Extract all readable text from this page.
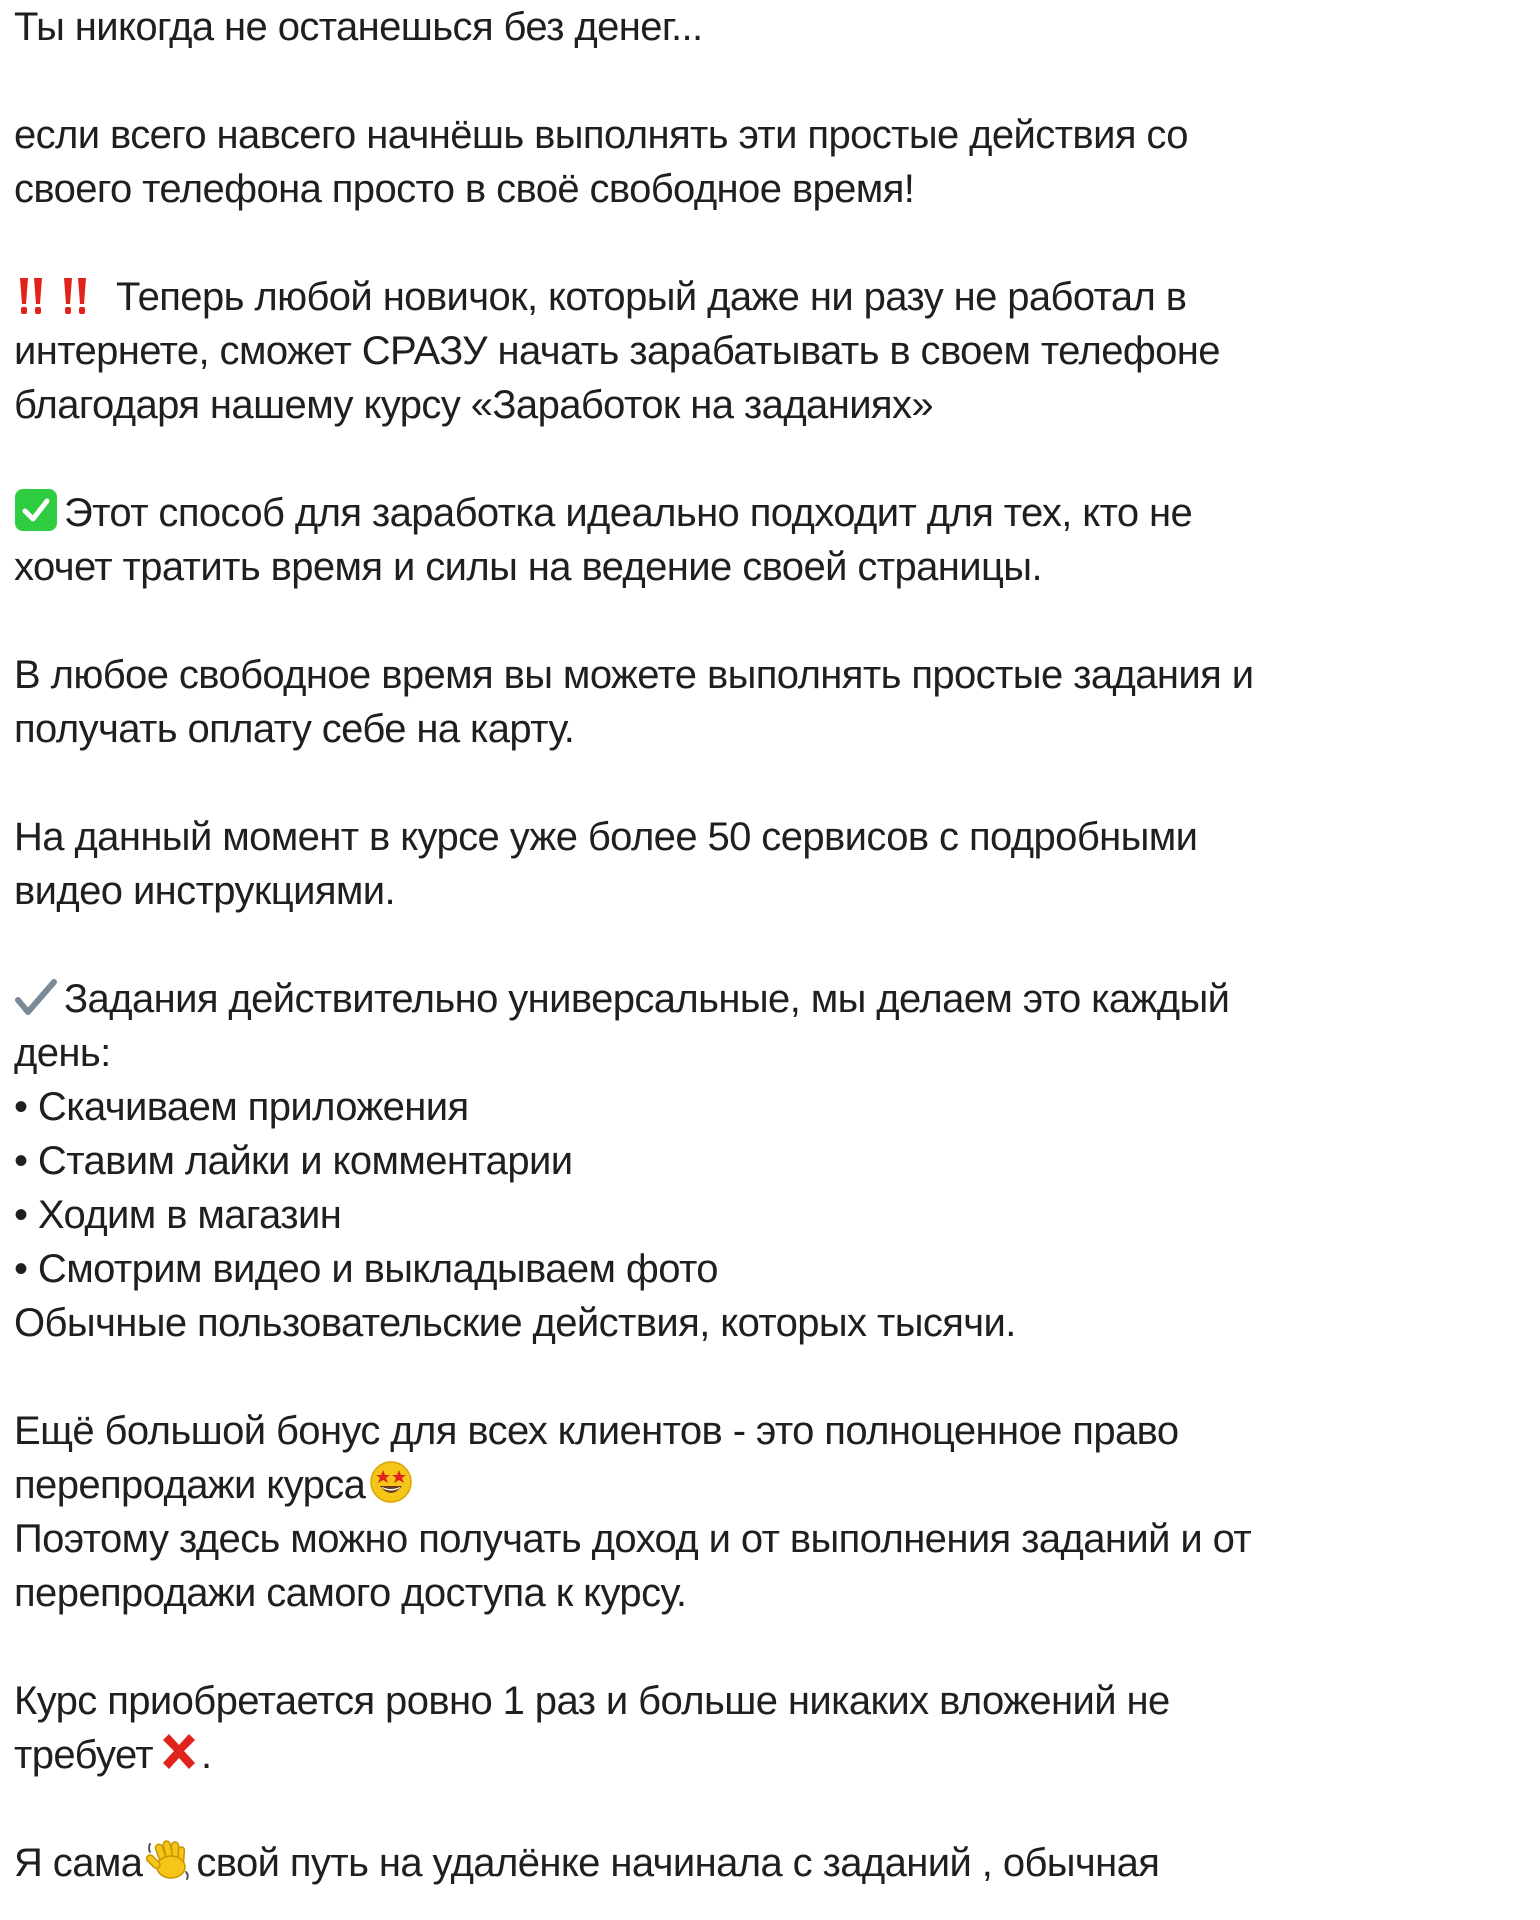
Ты никогда не останешься без денег...
если всего навсего начнёшь выполнять эти простые действия со
своего телефона просто в своё свободное время!
Теперь любой новичок, который даже ни разу не работал в
интернете, сможет СРАЗУ начать зарабатывать в своем телефоне
благодаря нашему курсу «Заработок на заданиях»
Этот способ для заработка идеально подходит для тех, кто не
хочет тратить время и силы на ведение своей страницы.
В любое свободное время вы можете выполнять простые задания и
получать оплату себе на карту.
На данный момент в курсе уже более 50 сервисов с подробными
видео инструкциями.
Задания действительно универсальные, мы делаем это каждый
день:
• Скачиваем приложения
• Ставим лайки и комментарии
• Ходим в магазин
• Смотрим видео и выкладываем фото
Обычные пользовательские действия, которых тысячи.
Ещё большой бонус для всех клиентов - это полноценное право
перепродажи курса
Поэтому здесь можно получать доход и от выполнения заданий и от
перепродажи самого доступа к курсу.
Курс приобретается ровно 1 раз и больше никаких вложений не
требует .
Я сама свой путь на удалёнке начинала с заданий , обычная
